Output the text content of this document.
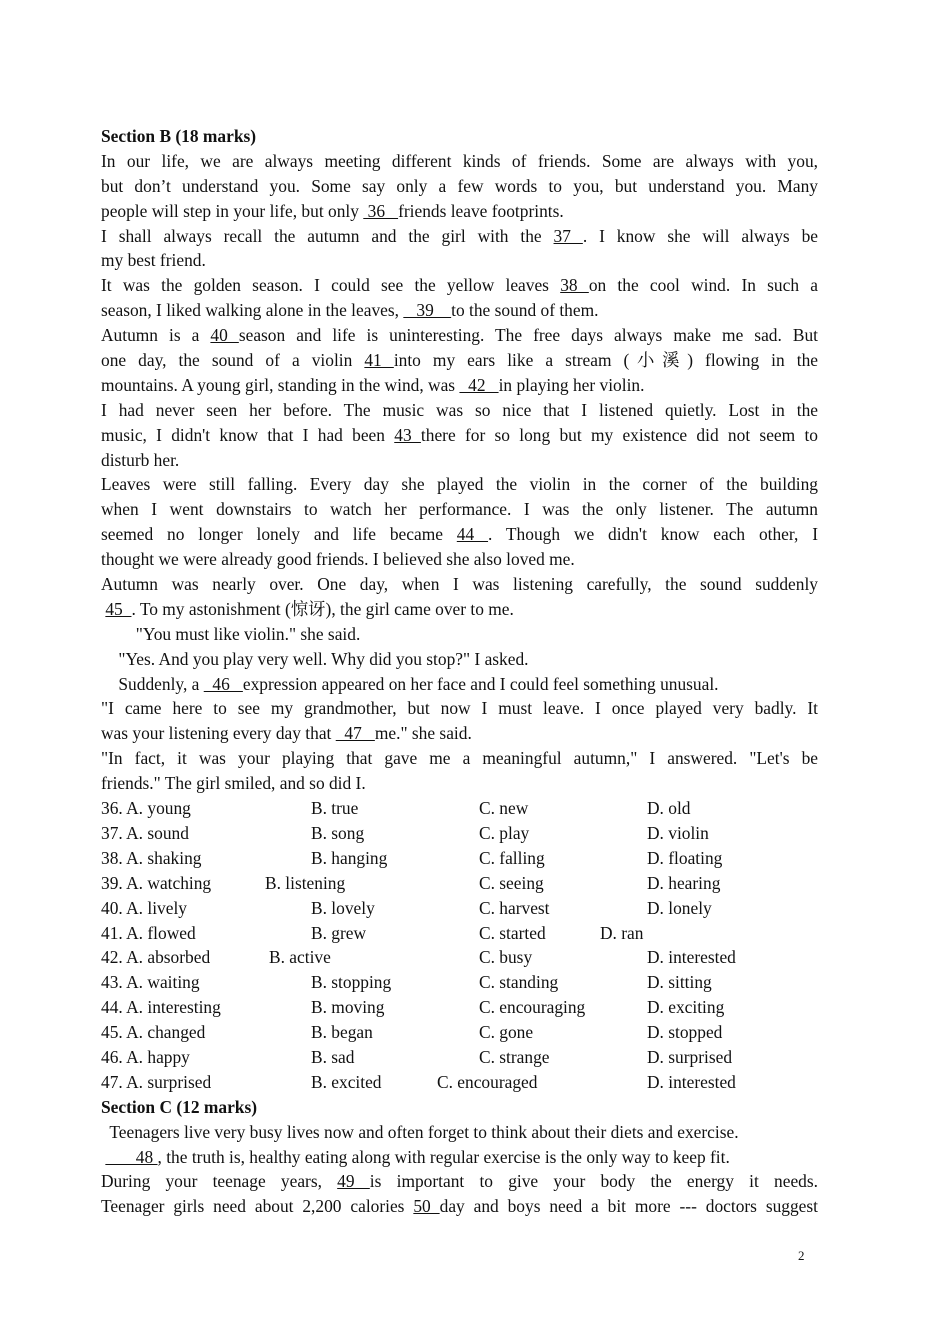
Section B (18 marks)
In our life, we are always meeting different kinds of friends. Some are always with you,
but don’t understand you. Some say only a few words to you, but understand you. Many
people will step in your life, but only  36   friends leave footprints.
I shall always recall the autumn and the girl with the 37 . I know she will always be
my best friend.
It was the golden season. I could see the yellow leaves 38 on the cool wind. In such a
season, I liked walking alone in the leaves,    39    to the sound of them.
Autumn is a 40 season and life is uninteresting. The free days always make me sad. But
one day, the sound of a violin 41 into my ears like a stream (小溪) flowing in the
mountains. A young girl, standing in the wind, was   42   in playing her violin.
I had never seen her before. The music was so nice that I listened quietly. Lost in the
music, I didn't know that I had been 43 there for so long but my existence did not seem to
disturb her.
Leaves were still falling. Every day she played the violin in the corner of the building
when I went downstairs to watch her performance. I was the only listener. The autumn
seemed no longer lonely and life became 44 . Though we didn't know each other, I
thought we were already good friends. I believed she also loved me.
Autumn was nearly over. One day, when I was listening carefully, the sound suddenly
45  . To my astonishment (惊讶), the girl came over to me.
"You must like violin." she said.
"Yes. And you play very well. Why did you stop?" I asked.
Suddenly, a   46   expression appeared on her face and I could feel something unusual.
"I came here to see my grandmother, but now I must leave. I once played very badly. It
was your listening every day that   47   me." she said.
"In fact, it was your playing that gave me a meaningful autumn," I answered. "Let's be
friends." The girl smiled, and so did I.
36. A. young	B. true	C. new	D. old
37. A. sound	B. song	C. play	D. violin
38. A. shaking	B. hanging	C. falling	D. floating
39. A. watching	B. listening	C. seeing	D. hearing
40. A. lively	B. lovely	C. harvest	D. lonely
41. A. flowed	B. grew	C. started	D. ran
42. A. absorbed	B. active	C. busy	D. interested
43. A. waiting	B. stopping	C. standing	D. sitting
44. A. interesting	B. moving	C. encouraging	D. exciting
45. A. changed	B. began	C. gone	D. stopped
46. A. happy	B. sad	C. strange	D. surprised
47. A. surprised	B. excited	C. encouraged	D. interested
Section C (12 marks)
Teenagers live very busy lives now and often forget to think about their diets and exercise.
48 , the truth is, healthy eating along with regular exercise is the only way to keep fit.
During your teenage years, 49 is important to give your body the energy it needs.
Teenager girls need about 2,200 calories 50 day and boys need a bit more --- doctors suggest
2
